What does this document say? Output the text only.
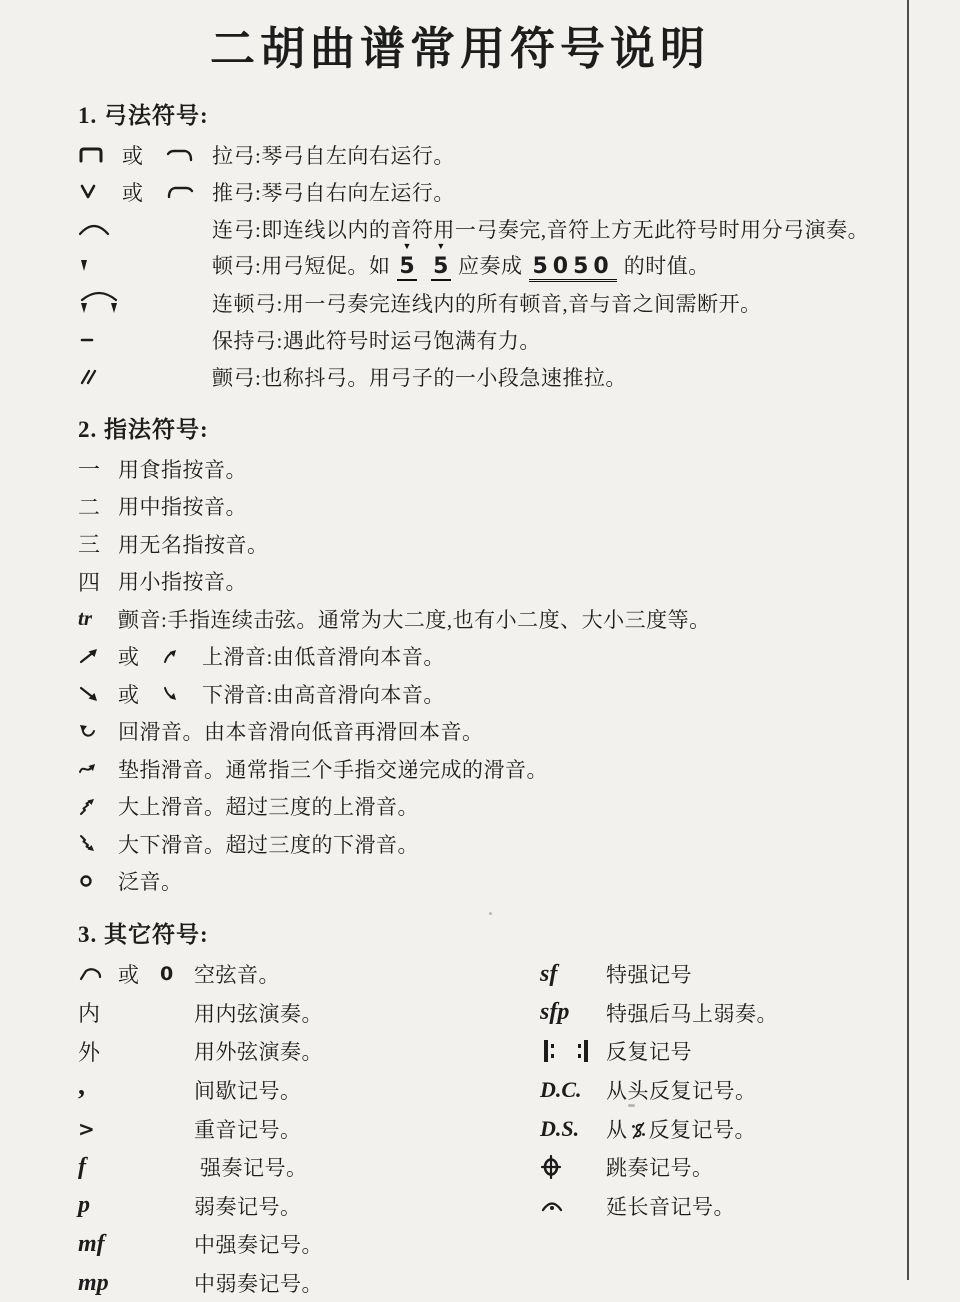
二胡曲谱常用符号说明
1. 弓法符号:
或	拉弓:琴弓自左向右运行。
或	推弓:琴弓自右向左运行。
连弓:即连线以内的音符用一弓奏完,音符上方无此符号时用分弓演奏。
顿弓:用弓短促。如
▼
5
▼
5 应奏成 5050 的时值。
连顿弓:用一弓奏完连线内的所有顿音,音与音之间需断开。
保持弓:遇此符号时运弓饱满有力。
颤弓:也称抖弓。用弓子的一小段急速推拉。
2. 指法符号:
一 用食指按音。
二 用中指按音。
三 用无名指按音。
四 用小指按音。
tr	颤音:手指连续击弦。通常为大二度,也有小二度、大小三度等。
或	上滑音:由低音滑向本音。
或	下滑音:由高音滑向本音。
回滑音。由本音滑向低音再滑回本音。
垫指滑音。通常指三个手指交递完成的滑音。
大上滑音。超过三度的上滑音。
大下滑音。超过三度的下滑音。
泛音。
3. 其它符号:
或	0 空弦音。
内	用内弦演奏。
外	用外弦演奏。
,	间歇记号。
>	重音记号。
f	强奏记号。
p	弱奏记号。
mf	中强奏记号。
mp	中弱奏记号。
sf	特强记号
sfp	特强后马上弱奏。
反复记号
D.C.	从头反复记号。
D.S.	从 反复记号。
跳奏记号。
延长音记号。
